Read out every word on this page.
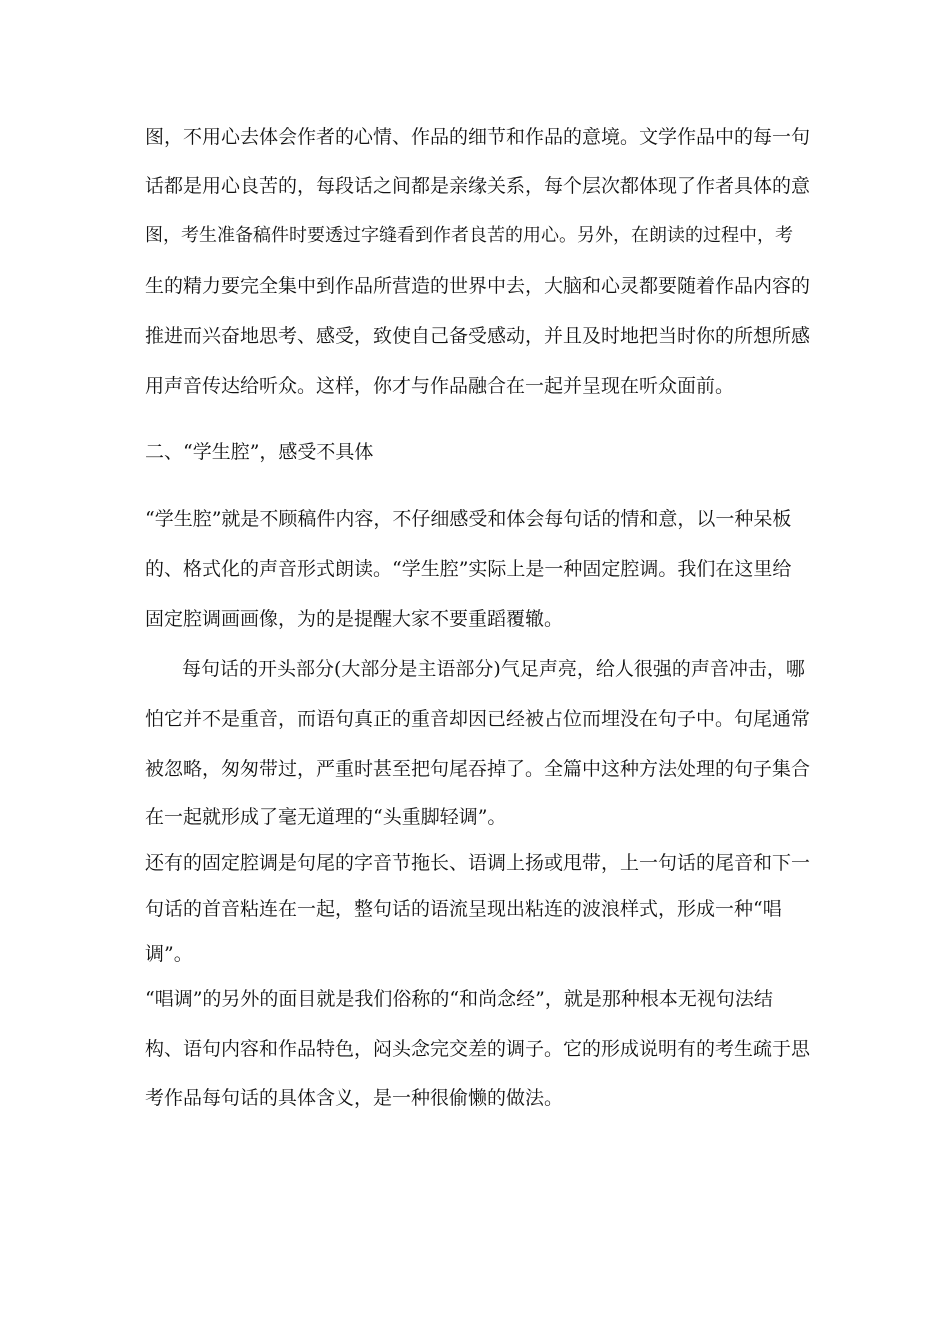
图，不用心去体会作者的心情、作品的细节和作品的意境。文学作品中的每一句
话都是用心良苦的，每段话之间都是亲缘关系，每个层次都体现了作者具体的意
图，考生准备稿件时要透过字缝看到作者良苦的用心。另外，在朗读的过程中，考
生的精力要完全集中到作品所营造的世界中去，大脑和心灵都要随着作品内容的
推进而兴奋地思考、感受，致使自己备受感动，并且及时地把当时你的所想所感
用声音传达给听众。这样，你才与作品融合在一起并呈现在听众面前。
二、“学生腔”，感受不具体
“学生腔”就是不顾稿件内容，不仔细感受和体会每句话的情和意，以一种呆板
的、格式化的声音形式朗读。“学生腔”实际上是一种固定腔调。我们在这里给
固定腔调画画像，为的是提醒大家不要重蹈覆辙。
每句话的开头部分(大部分是主语部分)气足声亮，给人很强的声音冲击，哪
怕它并不是重音，而语句真正的重音却因已经被占位而埋没在句子中。句尾通常
被忽略，匆匆带过，严重时甚至把句尾吞掉了。全篇中这种方法处理的句子集合
在一起就形成了毫无道理的“头重脚轻调”。
还有的固定腔调是句尾的字音节拖长、语调上扬或甩带，上一句话的尾音和下一
句话的首音粘连在一起，整句话的语流呈现出粘连的波浪样式，形成一种“唱
调”。
“唱调”的另外的面目就是我们俗称的“和尚念经”，就是那种根本无视句法结
构、语句内容和作品特色，闷头念完交差的调子。它的形成说明有的考生疏于思
考作品每句话的具体含义，是一种很偷懒的做法。
